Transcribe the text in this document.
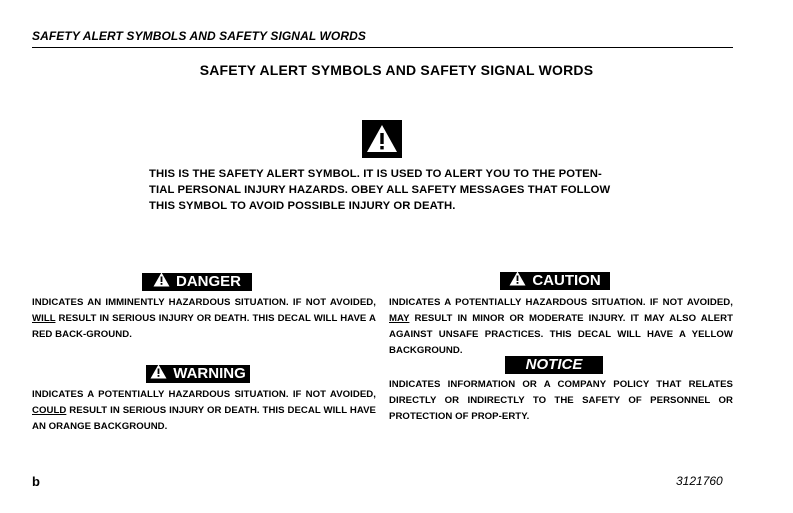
SAFETY ALERT SYMBOLS AND SAFETY SIGNAL WORDS
SAFETY ALERT SYMBOLS AND SAFETY SIGNAL WORDS
THIS IS THE SAFETY ALERT SYMBOL. IT IS USED TO ALERT YOU TO THE POTEN-
TIAL PERSONAL INJURY HAZARDS. OBEY ALL SAFETY MESSAGES THAT FOLLOW
THIS SYMBOL TO AVOID POSSIBLE INJURY OR DEATH.
DANGER
INDICATES AN IMMINENTLY HAZARDOUS SITUATION. IF NOT AVOIDED, WILL RESULT IN SERIOUS INJURY OR DEATH. THIS DECAL WILL HAVE A RED BACK-GROUND.
CAUTION
INDICATES A POTENTIALLY HAZARDOUS SITUATION. IF NOT AVOIDED, MAY RESULT IN MINOR OR MODERATE INJURY. IT MAY ALSO ALERT AGAINST UNSAFE PRACTICES. THIS DECAL WILL HAVE A YELLOW BACKGROUND.
WARNING
INDICATES A POTENTIALLY HAZARDOUS SITUATION. IF NOT AVOIDED, COULD RESULT IN SERIOUS INJURY OR DEATH. THIS DECAL WILL HAVE AN ORANGE BACKGROUND.
NOTICE
INDICATES INFORMATION OR A COMPANY POLICY THAT RELATES DIRECTLY OR INDIRECTLY TO THE SAFETY OF PERSONNEL OR PROTECTION OF PROP-ERTY.
b	3121760
